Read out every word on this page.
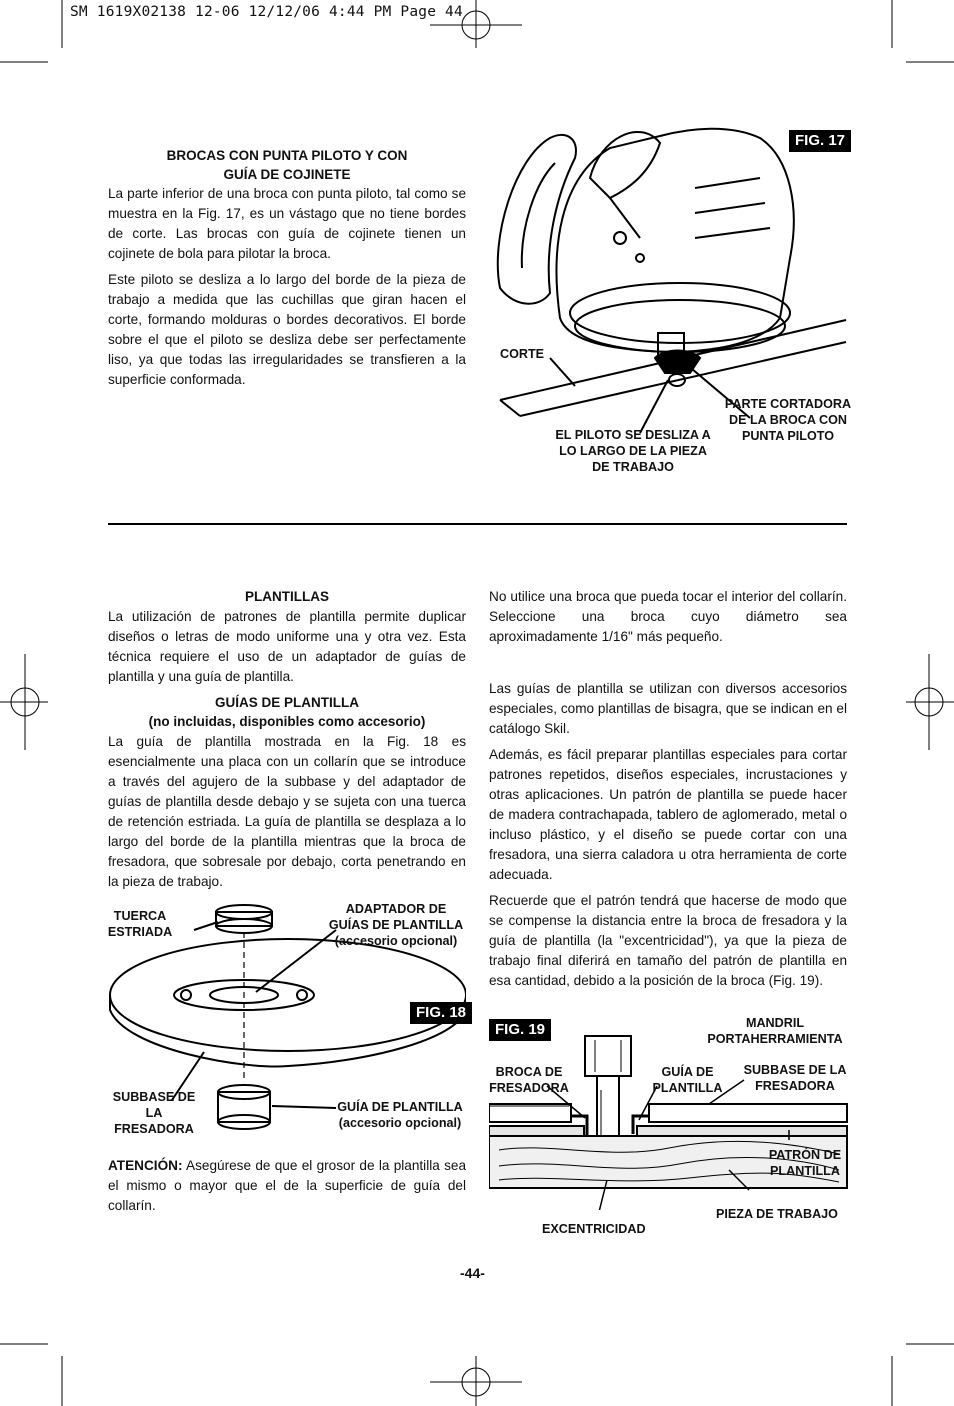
SM 1619X02138 12-06 12/12/06 4:44 PM Page 44
BROCAS CON PUNTA PILOTO Y CON
GUÍA DE COJINETE

La parte inferior de una broca con punta piloto, tal como se muestra en la Fig. 17, es un vástago que no tiene bordes de corte. Las brocas con guía de cojinete tienen un cojinete de bola para pilotar la broca.

Este piloto se desliza a lo largo del borde de la pieza de trabajo a medida que las cuchillas que giran hacen el corte, formando molduras o bordes decorativos. El borde sobre el que el piloto se desliza debe ser perfectamente liso, ya que todas las irregularidades se transfieren a la superficie conformada.

FIG. 17
CORTE
PARTE CORTADORA
DE LA BROCA CON
PUNTA PILOTO
EL PILOTO SE DESLIZA A
LO LARGO DE LA PIEZA
DE TRABAJO
PLANTILLAS

La utilización de patrones de plantilla permite duplicar diseños o letras de modo uniforme una y otra vez. Esta técnica requiere el uso de un adaptador de guías de plantilla y una guía de plantilla.

GUÍAS DE PLANTILLA
(no incluidas, disponibles como accesorio)

La guía de plantilla mostrada en la Fig. 18 es esencialmente una placa con un collarín que se introduce a través del agujero de la subbase y del adaptador de guías de plantilla desde debajo y se sujeta con una tuerca de retención estriada. La guía de plantilla se desplaza a lo largo del borde de la plantilla mientras que la broca de fresadora, que sobresale por debajo, corta penetrando en la pieza de trabajo.

TUERCA
ESTRIADA
ADAPTADOR DE
GUÍAS DE PLANTILLA
(accesorio opcional)
FIG. 18
SUBBASE DE
LA
FRESADORA
GUÍA DE PLANTILLA
(accesorio opcional)

ATENCIÓN: Asegúrese de que el grosor de la plantilla sea el mismo o mayor que el de la superficie de guía del collarín.

No utilice una broca que pueda tocar el interior del collarín. Seleccione una broca cuyo diámetro sea aproximadamente 1/16" más pequeño.

Las guías de plantilla se utilizan con diversos accesorios especiales, como plantillas de bisagra, que se indican en el catálogo Skil.

Además, es fácil preparar plantillas especiales para cortar patrones repetidos, diseños especiales, incrustaciones y otras aplicaciones. Un patrón de plantilla se puede hacer de madera contrachapada, tablero de aglomerado, metal o incluso plástico, y el diseño se puede cortar con una fresadora, una sierra caladora u otra herramienta de corte adecuada.

Recuerde que el patrón tendrá que hacerse de modo que se compense la distancia entre la broca de fresadora y la guía de plantilla (la "excentricidad"), ya que la pieza de trabajo final diferirá en tamaño del patrón de plantilla en esa cantidad, debido a la posición de la broca (Fig. 19).

FIG. 19	MANDRIL
PORTAHERRAMIENTA
BROCA DE
FRESADORA
GUÍA DE
PLANTILLA
SUBBASE DE LA
FRESADORA
PATRÓN DE
PLANTILLA
PIEZA DE TRABAJO
EXCENTRICIDAD
-44-
